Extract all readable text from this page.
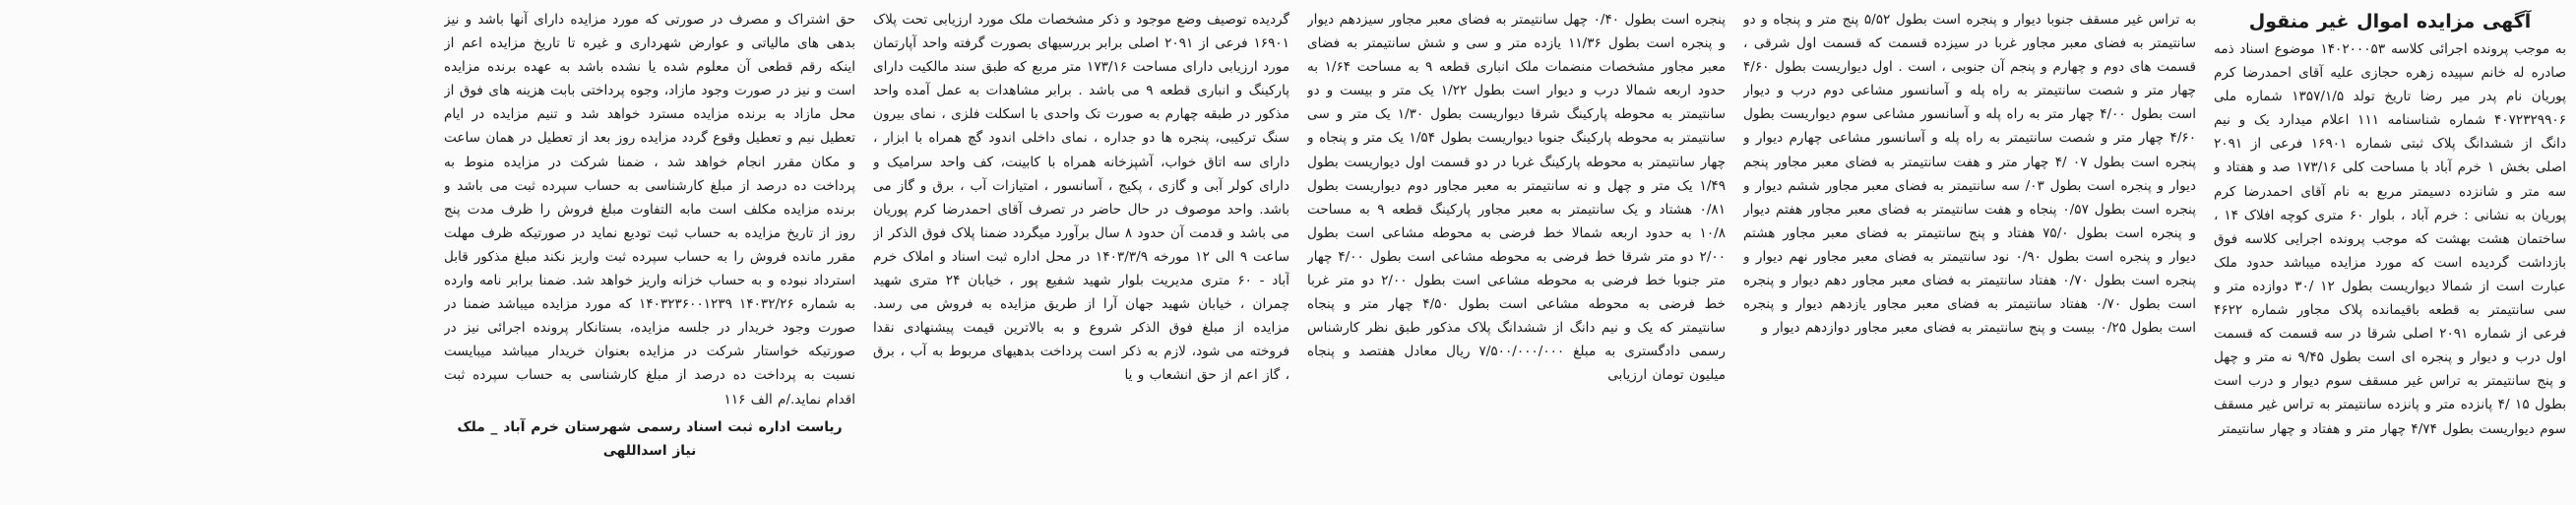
آگهی مزایده اموال غیر منقول
به موجب پرونده اجرائی کلاسه ۱۴۰۲۰۰۰۵۳ موضوع اسناد ذمه صادره له خانم سپیده زهره حجازی علیه آقای احمدرضا کرم پوریان نام پدر میر رضا تاریخ تولد ۱۳۵۷/۱/۵ شماره ملی ۴۰۷۲۳۲۹۹۰۶ شماره شناسنامه ۱۱۱ اعلام میدارد یک و نیم دانگ از ششدانگ پلاک ثبتی شماره ۱۶۹۰۱ فرعی از ۲۰۹۱ اصلی بخش ۱ خرم آباد با مساحت کلی ۱۷۳/۱۶ صد و هفتاد و سه متر و شانزده دسیمتر مربع به نام آقای احمدرضا کرم پوریان به نشانی : خرم آباد ، بلوار ۶۰ متری کوچه افلاک ۱۴ ، ساختمان هشت بهشت که موجب پرونده اجرایی کلاسه فوق بازداشت گردیده است که مورد مزایده میباشد حدود ملک عبارت است از شمالا دیواریست بطول ۱۲ /۳۰ دوازده متر و سی سانتیمتر به قطعه باقیمانده پلاک مجاور شماره ۴۶۲۲ فرعی از شماره ۲۰۹۱ اصلی شرقا در سه قسمت که قسمت اول درب و دیوار و پنجره ای است بطول ۹/۴۵ نه متر و چهل و پنج سانتیمتر به تراس غیر مسقف سوم دیوار و درب است بطول ۱۵ /۴ پانزده متر و پانزده سانتیمتر به تراس غیر مسقف سوم دیواریست بطول ۴/۷۴ چهار متر و هفتاد و چهار سانتیمتر
به تراس غیر مسقف جنوبا دیوار و پنجره است بطول ۵/۵۲ پنج متر و پنجاه و دو سانتیمتر به فضای معبر مجاور غربا در سیزده قسمت که قسمت اول شرقی ، قسمت های دوم و چهارم و پنجم آن جنوبی ، است . اول دیواریست بطول ۴/۶۰ چهار متر و شصت سانتیمتر به راه پله و آسانسور مشاعی دوم درب و دیوار است بطول ۴/۰۰ چهار متر به راه پله و آسانسور مشاعی سوم دیواریست بطول ۴/۶۰ چهار متر و شصت سانتیمتر به راه پله و آسانسور مشاعی چهارم دیوار و پنجره است بطول ۰۷ /۴ چهار متر و هفت سانتیمتر به فضای معبر مجاور پنجم دیوار و پنجره است بطول ۰۳/ سه سانتیمتر به فضای معبر مجاور ششم دیوار و پنجره است بطول ۰/۵۷ پنجاه و هفت سانتیمتر به فضای معبر مجاور هفتم دیوار و پنجره است بطول ۷۵/۰ هفتاد و پنج سانتیمتر به فضای معبر مجاور هشتم دیوار و پنجره است بطول ۰/۹۰ نود سانتیمتر به فضای معبر مجاور نهم دیوار و پنجره است بطول ۰/۷۰ هفتاد سانتیمتر به فضای معبر مجاور دهم دیوار و پنجره است بطول ۰/۷۰ هفتاد سانتیمتر به فضای معبر مجاور یازدهم دیوار و پنجره است بطول ۰/۲۵ بیست و پنج سانتیمتر به فضای معبر مجاور دوازدهم دیوار و
پنجره است بطول ۰/۴۰ چهل سانتیمتر به فضای معبر مجاور سیزدهم دیوار و پنجره است بطول ۱۱/۳۶ یازده متر و سی و شش سانتیمتر به فضای معبر مجاور مشخصات منضمات ملک انباری قطعه ۹ به مساحت ۱/۶۴ به حدود اربعه شمالا درب و دیوار است بطول ۱/۲۲ یک متر و بیست و دو سانتیمتر به محوطه پارکینگ شرقا دیواریست بطول ۱/۳۰ یک متر و سی سانتیمتر به محوطه پارکینگ جنوبا دیواریست بطول ۱/۵۴ یک متر و پنجاه و چهار سانتیمتر به محوطه پارکینگ غربا در دو قسمت اول دیواریست بطول ۱/۴۹ یک متر و چهل و نه سانتیمتر به معبر مجاور دوم دیواریست بطول ۰/۸۱ هشتاد و یک سانتیمتر به معبر مجاور پارکینگ قطعه ۹ به مساحت ۱۰/۸ به حدود اربعه شمالا خط فرضی به محوطه مشاعی است بطول ۲/۰۰ دو متر شرقا خط فرضی به محوطه مشاعی است بطول ۴/۰۰ چهار متر جنوبا خط فرضی به محوطه مشاعی است بطول ۲/۰۰ دو متر غربا خط فرضی به محوطه مشاعی است بطول ۴/۵۰ چهار متر و پنجاه سانتیمتر که یک و نیم دانگ از ششدانگ پلاک مذکور طبق نظر کارشناس رسمی دادگستری به مبلغ ۷/۵۰۰/۰۰۰/۰۰۰ ریال معادل هفتصد و پنجاه میلیون تومان ارزیابی
گردیده توصیف وضع موجود و ذکر مشخصات ملک مورد ارزیابی تحت پلاک ۱۶۹۰۱ فرعی از ۲۰۹۱ اصلی برابر بررسیهای بصورت گرفته واحد آپارتمان مورد ارزیابی دارای مساحت ۱۷۳/۱۶ متر مربع که طبق سند مالکیت دارای پارکینگ و انباری قطعه ۹ می باشد . برابر مشاهدات به عمل آمده واحد مذکور در طبقه چهارم به صورت تک واحدی با اسکلت فلزی ، نمای بیرون سنگ ترکیبی، پنجره ها دو جداره ، نمای داخلی اندود گچ همراه با ابزار ، دارای سه اتاق خواب، آشپزخانه همراه با کابینت، کف واحد سرامیک و دارای کولر آبی و گازی ، پکیج ، آسانسور ، امتیازات آب ، برق و گاز می باشد. واحد موصوف در حال حاضر در تصرف آقای احمدرضا کرم پوریان می باشد و قدمت آن حدود ۸ سال برآورد میگردد ضمنا پلاک فوق الذکر از ساعت ۹ الی ۱۲ مورخه ۱۴۰۳/۳/۹ در محل اداره ثبت اسناد و املاک خرم آباد - ۶۰ متری مدیریت بلوار شهید شفیع پور ، خیابان ۲۴ متری شهید چمران ، خیابان شهید جهان آرا از طریق مزایده به فروش می رسد. مزایده از مبلغ فوق الذکر شروع و به بالاترین قیمت پیشنهادی نقدا فروخته می شود، لازم به ذکر است پرداخت بدهیهای مربوط به آب ، برق ، گاز اعم از حق انشعاب و یا
حق اشتراک و مصرف در صورتی که مورد مزایده دارای آنها باشد و نیز بدهی های مالیاتی و عوارض شهرداری و غیره تا تاریخ مزایده اعم از اینکه رقم قطعی آن معلوم شده یا نشده باشد به عهده برنده مزایده است و نیز در صورت وجود مازاد، وجوه پرداختی بابت هزینه های فوق از محل مازاد به برنده مزایده مسترد خواهد شد و تنیم مزایده در ایام تعطیل نیم و تعطیل وقوع گردد مزایده روز بعد از تعطیل در همان ساعت و مکان مقرر انجام خواهد شد ، ضمنا شرکت در مزایده منوط به پرداخت ده درصد از مبلغ کارشناسی به حساب سپرده ثبت می باشد و برنده مزایده مکلف است مابه التفاوت مبلغ فروش را ظرف مدت پنج روز از تاریخ مزایده به حساب ثبت تودیع نماید در صورتیکه ظرف مهلت مقرر مانده فروش را به حساب سپرده ثبت واریز نکند مبلغ مذکور قابل استرداد نبوده و به حساب خزانه واریز خواهد شد. ضمنا برابر نامه وارده به شماره ۱۴۰۳۲/۲۶ ۱۴۰۳۲۳۶۰۰۱۲۳۹ که مورد مزایده میباشد ضمنا در صورت وجود خریدار در جلسه مزایده، بستانکار پرونده اجرائی نیز در صورتیکه خواستار شرکت در مزایده بعنوان خریدار میباشد میبایست نسبت به پرداخت ده درصد از مبلغ کارشناسی به حساب سپرده ثبت اقدام نماید./م الف ۱۱۶
ریاست اداره ثبت اسناد رسمی شهرستان خرم آباد _ ملک نیاز اسداللهی
